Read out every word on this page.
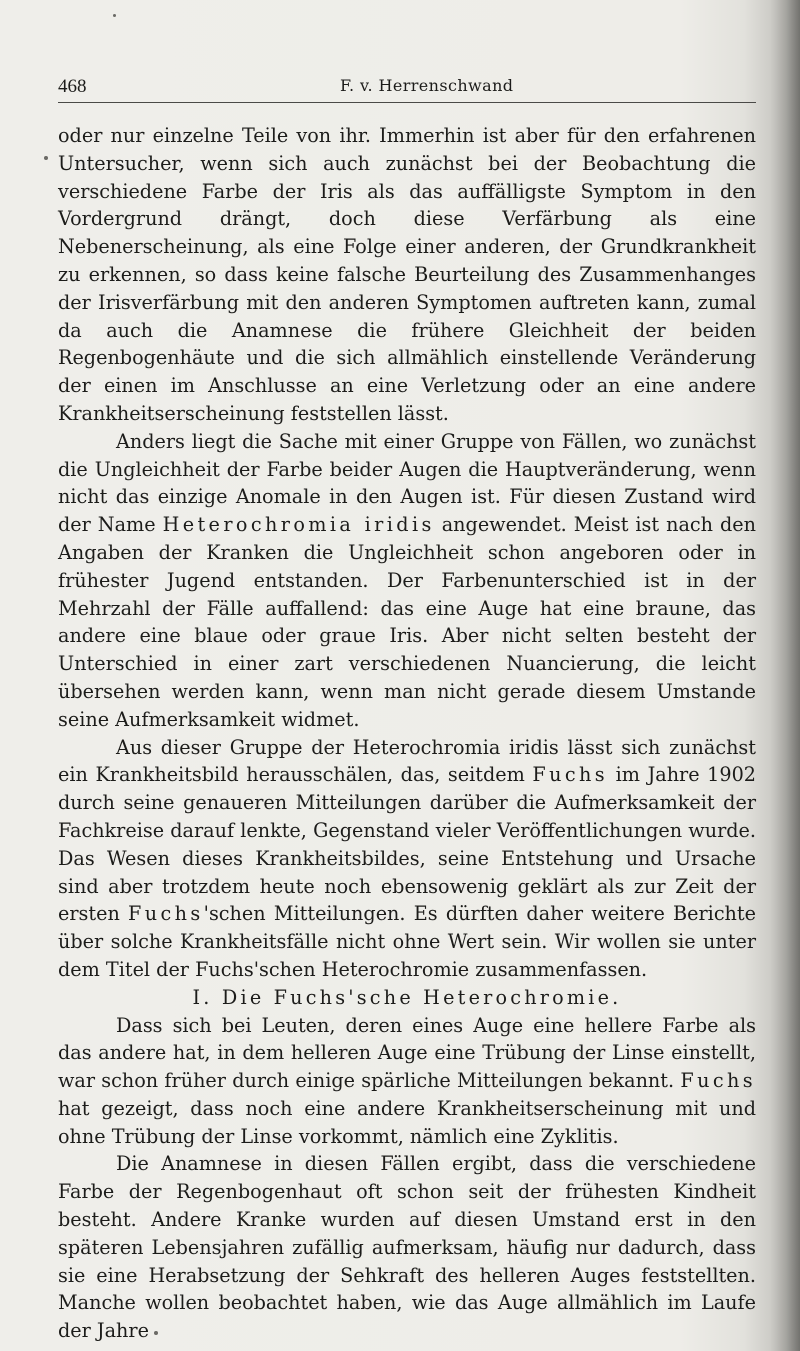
468	F. v. Herrenschwand

oder nur einzelne Teile von ihr. Immerhin ist aber für den erfahrenen Untersucher, wenn sich auch zunächst bei der Beobachtung die verschiedene Farbe der Iris als das auffälligste Symptom in den Vordergrund drängt, doch diese Verfärbung als eine Nebenerscheinung, als eine Folge einer anderen, der Grundkrankheit zu erkennen, so dass keine falsche Beurteilung des Zusammenhanges der Irisverfärbung mit den anderen Symptomen auftreten kann, zumal da auch die Anamnese die frühere Gleichheit der beiden Regenbogenhäute und die sich allmählich einstellende Veränderung der einen im Anschlusse an eine Verletzung oder an eine andere Krankheitserscheinung feststellen lässt.

Anders liegt die Sache mit einer Gruppe von Fällen, wo zunächst die Ungleichheit der Farbe beider Augen die Hauptveränderung, wenn nicht das einzige Anomale in den Augen ist. Für diesen Zustand wird der Name Heterochromia iridis angewendet. Meist ist nach den Angaben der Kranken die Ungleichheit schon angeboren oder in frühester Jugend entstanden. Der Farbenunterschied ist in der Mehrzahl der Fälle auffallend: das eine Auge hat eine braune, das andere eine blaue oder graue Iris. Aber nicht selten besteht der Unterschied in einer zart verschiedenen Nuancierung, die leicht übersehen werden kann, wenn man nicht gerade diesem Umstande seine Aufmerksamkeit widmet.

Aus dieser Gruppe der Heterochromia iridis lässt sich zunächst ein Krankheitsbild herausschälen, das, seitdem Fuchs im Jahre 1902 durch seine genaueren Mitteilungen darüber die Aufmerksamkeit der Fachkreise darauf lenkte, Gegenstand vieler Veröffentlichungen wurde. Das Wesen dieses Krankheitsbildes, seine Entstehung und Ursache sind aber trotzdem heute noch ebensowenig geklärt als zur Zeit der ersten Fuchs'schen Mitteilungen. Es dürften daher weitere Berichte über solche Krankheitsfälle nicht ohne Wert sein. Wir wollen sie unter dem Titel der Fuchs'schen Heterochromie zusammenfassen.

I. Die Fuchs'sche Heterochromie.

Dass sich bei Leuten, deren eines Auge eine hellere Farbe als das andere hat, in dem helleren Auge eine Trübung der Linse einstellt, war schon früher durch einige spärliche Mitteilungen bekannt. Fuchs hat gezeigt, dass noch eine andere Krankheitserscheinung mit und ohne Trübung der Linse vorkommt, nämlich eine Zyklitis.

Die Anamnese in diesen Fällen ergibt, dass die verschiedene Farbe der Regenbogenhaut oft schon seit der frühesten Kindheit besteht. Andere Kranke wurden auf diesen Umstand erst in den späteren Lebensjahren zufällig aufmerksam, häufig nur dadurch, dass sie eine Herabsetzung der Sehkraft des helleren Auges feststellten. Manche wollen beobachtet haben, wie das Auge allmählich im Laufe der Jahre
